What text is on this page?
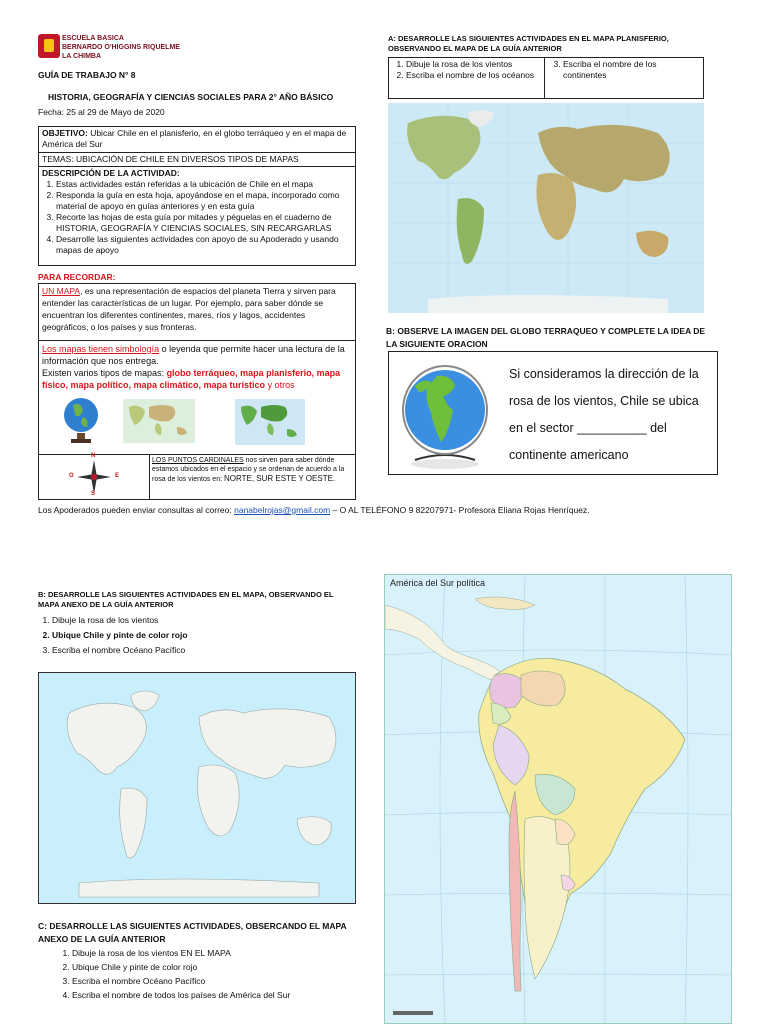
ESCUELA BASICA
BERNARDO O'HIGGINS RIQUELME
LA CHIMBA
GUÍA DE TRABAJO N° 8
HISTORIA, GEOGRAFÍA Y CIENCIAS SOCIALES PARA 2° AÑO BÁSICO
Fecha: 25 al 29 de Mayo de 2020
OBJETIVO: Ubicar Chile en el planisferio, en el globo terráqueo y en el mapa de América del Sur
TEMAS: UBICACIÓN DE CHILE EN DIVERSOS TIPOS DE MAPAS
DESCRIPCIÓN DE LA ACTIVIDAD:
1. Estas actividades están referidas a la ubicación de Chile en el mapa
2. Responda la guía en esta hoja, apoyándose en el mapa, incorporado como material de apoyo en guías anteriores y en esta guía
3. Recorte las hojas de esta guía por mitades y péguelas en el cuaderno de HISTORIA, GEOGRAFÍA Y CIENCIAS SOCIALES, SIN RECARGARLAS
4. Desarrolle las siguientes actividades con apoyo de su Apoderado y usando mapas de apoyo
PARA RECORDAR:
UN MAPA, es una representación de espacios del planeta Tierra y sirven para entender las características de un lugar. Por ejemplo, para saber dónde se encuentran los diferentes continentes, mares, ríos y lagos, accidentes geográficos, o los países y sus fronteras.
Los mapas tienen simbología o leyenda que permite hacer una lectura de la información que nos entrega.
Existen varios tipos de mapas: globo terráqueo, mapa planisferio, mapa físico, mapa político, mapa climático, mapa turístico y otros
N
S
O	E
LOS PUNTOS CARDINALES nos sirven para saber dónde estamos ubicados en el espacio y se ordenan de acuerdo a la rosa de los vientos en: NORTE, SUR ESTE Y OESTE.
Los Apoderados pueden enviar consultas al correo: nanabelrojas@gmail.com – O AL TELÉFONO 9 82207971- Profesora Eliana Rojas Henríquez.
A: DESARROLLE LAS SIGUIENTES ACTIVIDADES EN EL MAPA PLANISFERIO, OBSERVANDO EL MAPA DE LA GUÍA ANTERIOR
1. Dibuje la rosa de los vientos
2. Escriba el nombre de los océanos
3. Escriba el nombre de los continentes
B: OBSERVE LA IMAGEN DEL GLOBO TERRAQUEO Y COMPLETE LA IDEA DE LA SIGUIENTE ORACION
Si consideramos la dirección de la rosa de los vientos, Chile se ubica en el sector __________ del continente americano
B: DESARROLLE LAS SIGUIENTES ACTIVIDADES EN EL MAPA, OBSERVANDO EL MAPA ANEXO DE LA GUÍA ANTERIOR
1. Dibuje la rosa de los vientos
2. Ubique Chile y pinte de color rojo
3. Escriba el nombre Océano Pacífico
C: DESARROLLE LAS SIGUIENTES ACTIVIDADES, OBSERCANDO EL MAPA ANEXO DE LA GUÍA ANTERIOR
1. Dibuje la rosa de los vientos EN EL MAPA
2. Ubique Chile y pinte de color rojo
3. Escriba el nombre Océano Pacífico
4. Escriba el nombre de todos los países de América del Sur
América del Sur política
